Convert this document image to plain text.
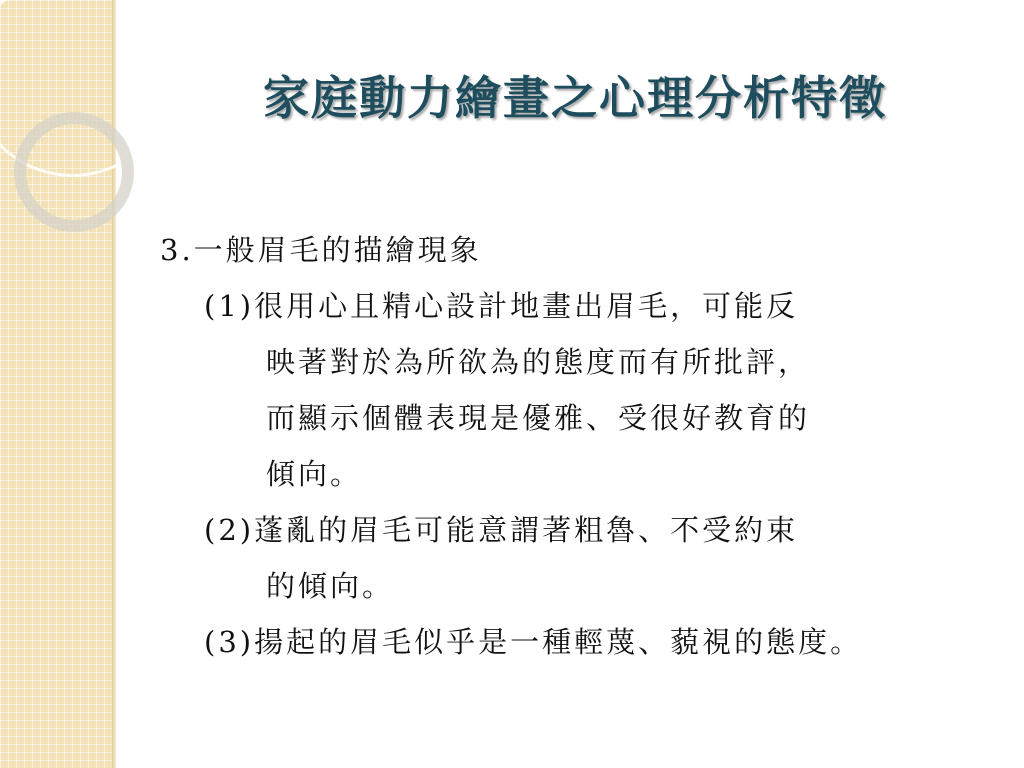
家庭動力繪畫之心理分析特徵
3.一般眉毛的描繪現象
(1)很用心且精心設計地畫出眉毛，可能反
映著對於為所欲為的態度而有所批評，
而顯示個體表現是優雅、受很好教育的
傾向。
(2)蓬亂的眉毛可能意謂著粗魯、不受約束
的傾向。
(3)揚起的眉毛似乎是一種輕蔑、藐視的態度。
